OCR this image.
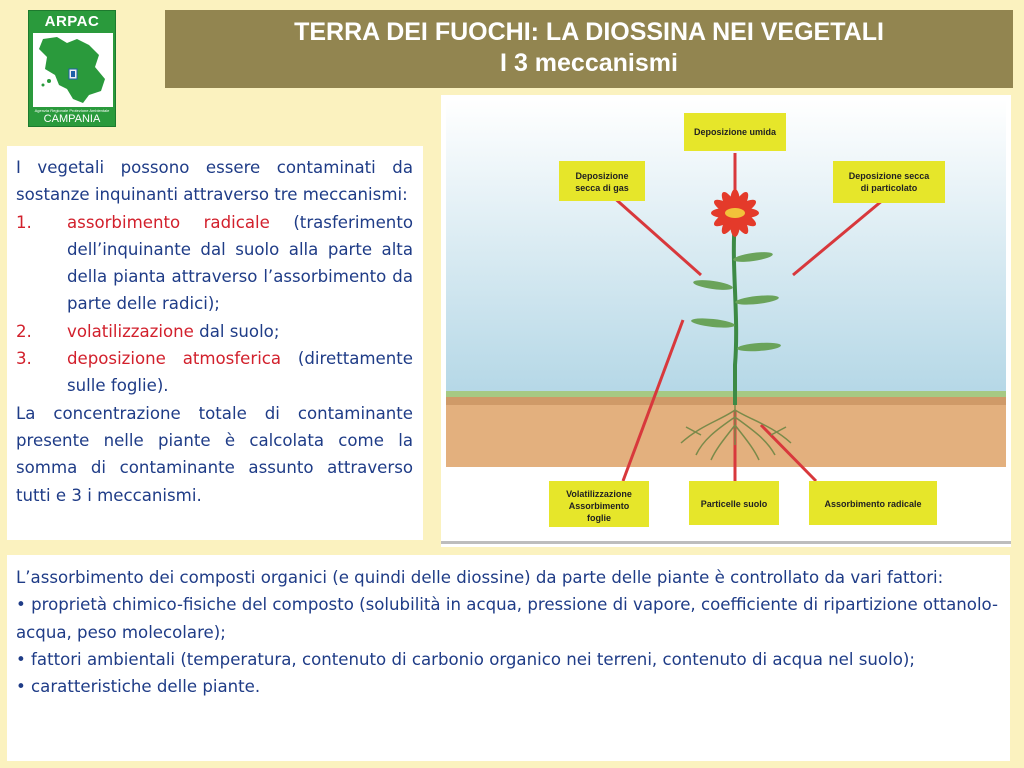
ARPAC
Agenzia Regionale Protezione Ambientale
CAMPANIA
TERRA DEI FUOCHI: LA DIOSSINA NEI VEGETALI
I 3 meccanismi

I vegetali possono essere contaminati da sostanze inquinanti attraverso tre meccanismi:

1. assorbimento radicale (trasferimento dell’inquinante dal suolo alla parte alta della pianta attraverso l’assorbimento da parte delle radici);
2. volatilizzazione dal suolo;
3. deposizione atmosferica (direttamente sulle foglie).

La concentrazione totale di contaminante presente nelle piante è calcolata come la somma di contaminante assunto attraverso tutti e 3 i meccanismi.

Deposizione umida
Deposizione
secca di gas
Deposizione secca
di particolato
Volatilizzazione
Assorbimento
foglie
Particelle suolo	Assorbimento radicale

L’assorbimento dei composti organici (e quindi delle diossine) da parte delle piante è controllato da vari fattori:

• proprietà chimico-fisiche del composto (solubilità in acqua, pressione di vapore, coefficiente di ripartizione ottanolo-acqua, peso molecolare);

• fattori ambientali (temperatura, contenuto di carbonio organico nei terreni, contenuto di acqua nel suolo);

• caratteristiche delle piante.
